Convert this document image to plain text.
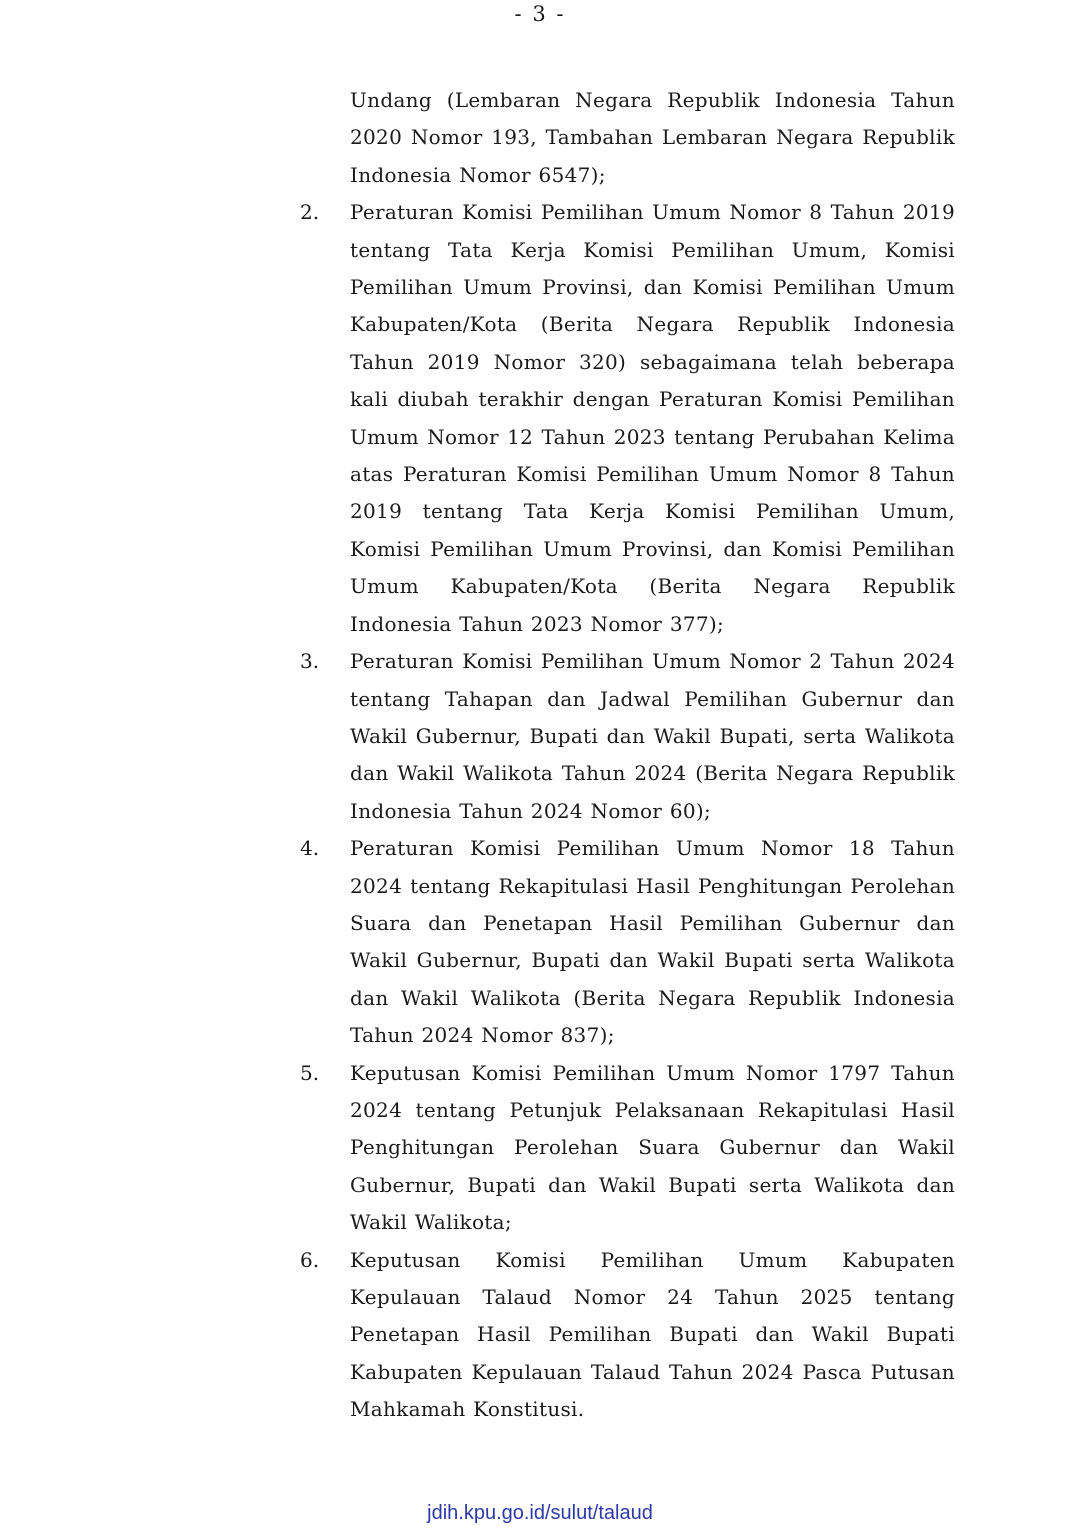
- 3 -
Undang (Lembaran Negara Republik Indonesia Tahun 2020 Nomor 193, Tambahan Lembaran Negara Republik Indonesia Nomor 6547);
2. Peraturan Komisi Pemilihan Umum Nomor 8 Tahun 2019 tentang Tata Kerja Komisi Pemilihan Umum, Komisi Pemilihan Umum Provinsi, dan Komisi Pemilihan Umum Kabupaten/Kota (Berita Negara Republik Indonesia Tahun 2019 Nomor 320) sebagaimana telah beberapa kali diubah terakhir dengan Peraturan Komisi Pemilihan Umum Nomor 12 Tahun 2023 tentang Perubahan Kelima atas Peraturan Komisi Pemilihan Umum Nomor 8 Tahun 2019 tentang Tata Kerja Komisi Pemilihan Umum, Komisi Pemilihan Umum Provinsi, dan Komisi Pemilihan Umum Kabupaten/Kota (Berita Negara Republik Indonesia Tahun 2023 Nomor 377);
3. Peraturan Komisi Pemilihan Umum Nomor 2 Tahun 2024 tentang Tahapan dan Jadwal Pemilihan Gubernur dan Wakil Gubernur, Bupati dan Wakil Bupati, serta Walikota dan Wakil Walikota Tahun 2024 (Berita Negara Republik Indonesia Tahun 2024 Nomor 60);
4. Peraturan Komisi Pemilihan Umum Nomor 18 Tahun 2024 tentang Rekapitulasi Hasil Penghitungan Perolehan Suara dan Penetapan Hasil Pemilihan Gubernur dan Wakil Gubernur, Bupati dan Wakil Bupati serta Walikota dan Wakil Walikota (Berita Negara Republik Indonesia Tahun 2024 Nomor 837);
5. Keputusan Komisi Pemilihan Umum Nomor 1797 Tahun 2024 tentang Petunjuk Pelaksanaan Rekapitulasi Hasil Penghitungan Perolehan Suara Gubernur dan Wakil Gubernur, Bupati dan Wakil Bupati serta Walikota dan Wakil Walikota;
6. Keputusan Komisi Pemilihan Umum Kabupaten Kepulauan Talaud Nomor 24 Tahun 2025 tentang Penetapan Hasil Pemilihan Bupati dan Wakil Bupati Kabupaten Kepulauan Talaud Tahun 2024 Pasca Putusan Mahkamah Konstitusi.
jdih.kpu.go.id/sulut/talaud
